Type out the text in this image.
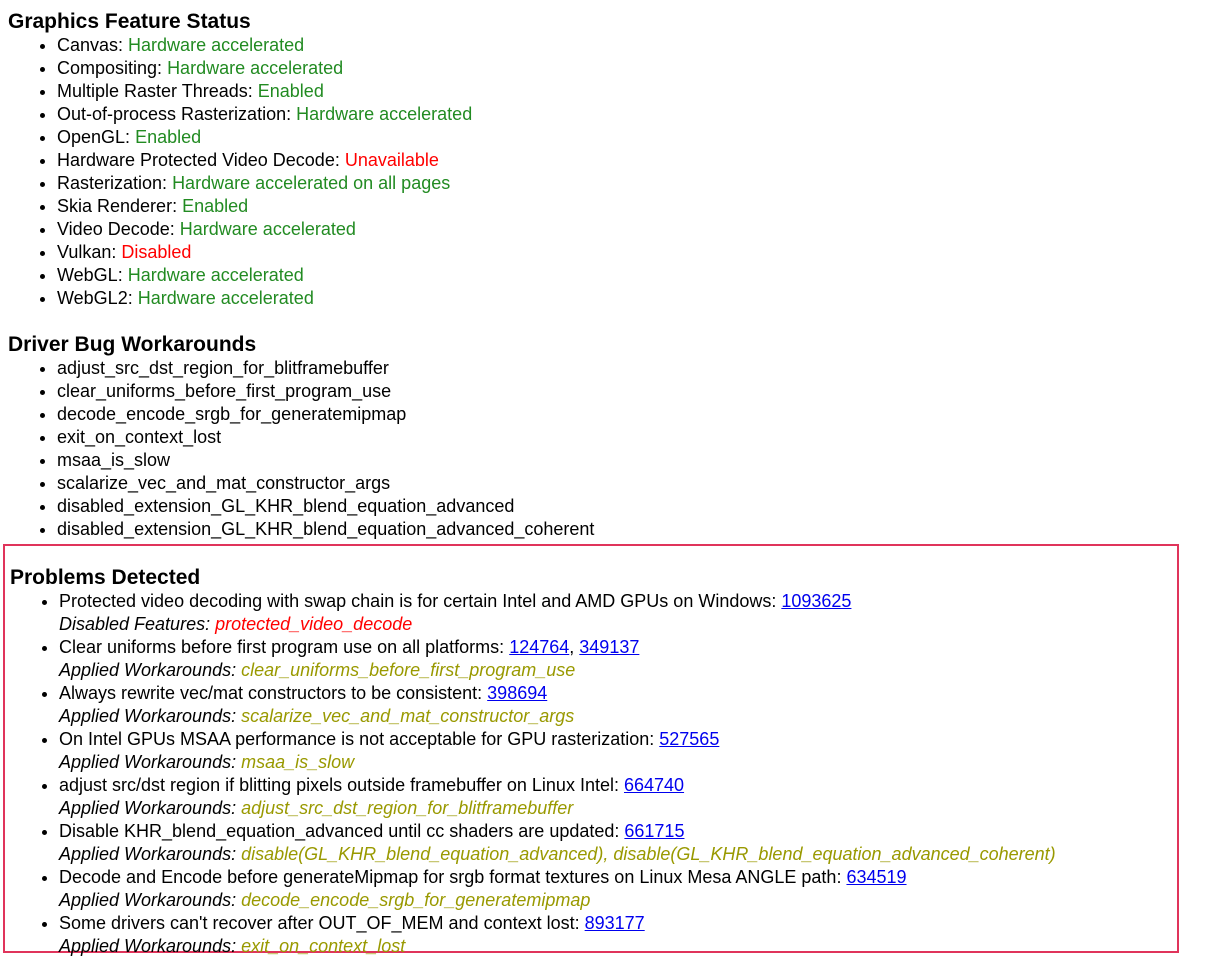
Graphics Feature Status
• Canvas: Hardware accelerated
• Compositing: Hardware accelerated
• Multiple Raster Threads: Enabled
• Out-of-process Rasterization: Hardware accelerated
• OpenGL: Enabled
• Hardware Protected Video Decode: Unavailable
• Rasterization: Hardware accelerated on all pages
• Skia Renderer: Enabled
• Video Decode: Hardware accelerated
• Vulkan: Disabled
• WebGL: Hardware accelerated
• WebGL2: Hardware accelerated
Driver Bug Workarounds
• adjust_src_dst_region_for_blitframebuffer
• clear_uniforms_before_first_program_use
• decode_encode_srgb_for_generatemipmap
• exit_on_context_lost
• msaa_is_slow
• scalarize_vec_and_mat_constructor_args
• disabled_extension_GL_KHR_blend_equation_advanced
• disabled_extension_GL_KHR_blend_equation_advanced_coherent
Problems Detected
• Protected video decoding with swap chain is for certain Intel and AMD GPUs on Windows: 1093625
Disabled Features: protected_video_decode
• Clear uniforms before first program use on all platforms: 124764, 349137
Applied Workarounds: clear_uniforms_before_first_program_use
• Always rewrite vec/mat constructors to be consistent: 398694
Applied Workarounds: scalarize_vec_and_mat_constructor_args
• On Intel GPUs MSAA performance is not acceptable for GPU rasterization: 527565
Applied Workarounds: msaa_is_slow
• adjust src/dst region if blitting pixels outside framebuffer on Linux Intel: 664740
Applied Workarounds: adjust_src_dst_region_for_blitframebuffer
• Disable KHR_blend_equation_advanced until cc shaders are updated: 661715
Applied Workarounds: disable(GL_KHR_blend_equation_advanced), disable(GL_KHR_blend_equation_advanced_coherent)
• Decode and Encode before generateMipmap for srgb format textures on Linux Mesa ANGLE path: 634519
Applied Workarounds: decode_encode_srgb_for_generatemipmap
• Some drivers can't recover after OUT_OF_MEM and context lost: 893177
Applied Workarounds: exit_on_context_lost
